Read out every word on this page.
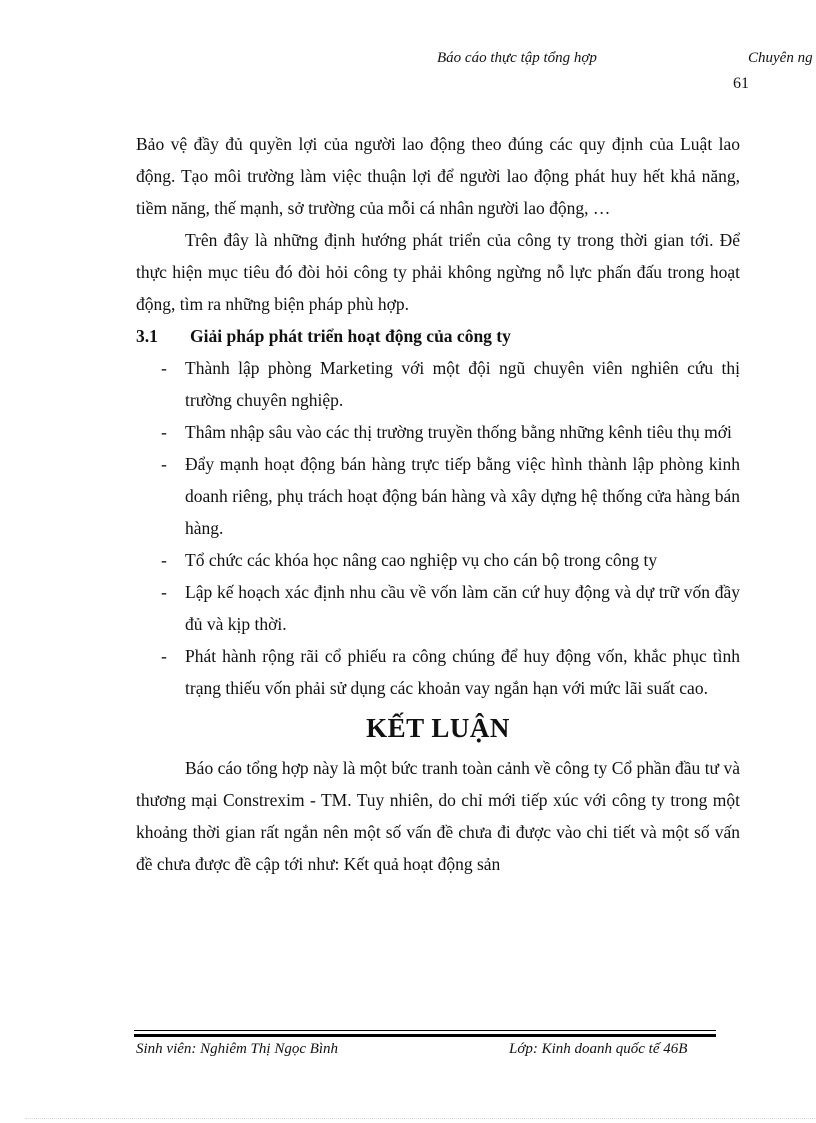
Báo cáo thực tập tổng hợp	Chuyên ng
61

Bảo vệ đầy đủ quyền lợi của người lao động theo đúng các quy định của Luật lao động. Tạo môi trường làm việc thuận lợi để người lao động phát huy hết khả năng, tiềm năng, thế mạnh, sở trường của mỗi cá nhân người lao động, …

Trên đây là những định hướng phát triển của công ty trong thời gian tới. Để thực hiện mục tiêu đó đòi hỏi công ty phải không ngừng nỗ lực phấn đấu trong hoạt động, tìm ra những biện pháp phù hợp.

3.1	Giải pháp phát triển hoạt động của công ty
- Thành lập phòng Marketing với một đội ngũ chuyên viên nghiên cứu thị trường chuyên nghiệp.
- Thâm nhập sâu vào các thị trường truyền thống bằng những kênh tiêu thụ mới
- Đẩy mạnh hoạt động bán hàng trực tiếp bằng việc hình thành lập phòng kinh doanh riêng, phụ trách hoạt động bán hàng và xây dựng hệ thống cửa hàng bán hàng.
- Tổ chức các khóa học nâng cao nghiệp vụ cho cán bộ trong công ty
- Lập kế hoạch xác định nhu cầu về vốn làm căn cứ huy động và dự trữ vốn đầy đủ và kịp thời.
- Phát hành rộng rãi cổ phiếu ra công chúng để huy động vốn, khắc phục tình trạng thiếu vốn phải sử dụng các khoản vay ngắn hạn với mức lãi suất cao.
KẾT LUẬN

Báo cáo tổng hợp này là một bức tranh toàn cảnh về công ty Cổ phần đầu tư và thương mại Constrexim - TM. Tuy nhiên, do chỉ mới tiếp xúc với công ty trong một khoảng thời gian rất ngắn nên một số vấn đề chưa đi được vào chi tiết và một số vấn đề chưa được đề cập tới như: Kết quả hoạt động sản

Sinh viên: Nghiêm Thị Ngọc Bình	Lớp: Kinh doanh quốc tế 46B
